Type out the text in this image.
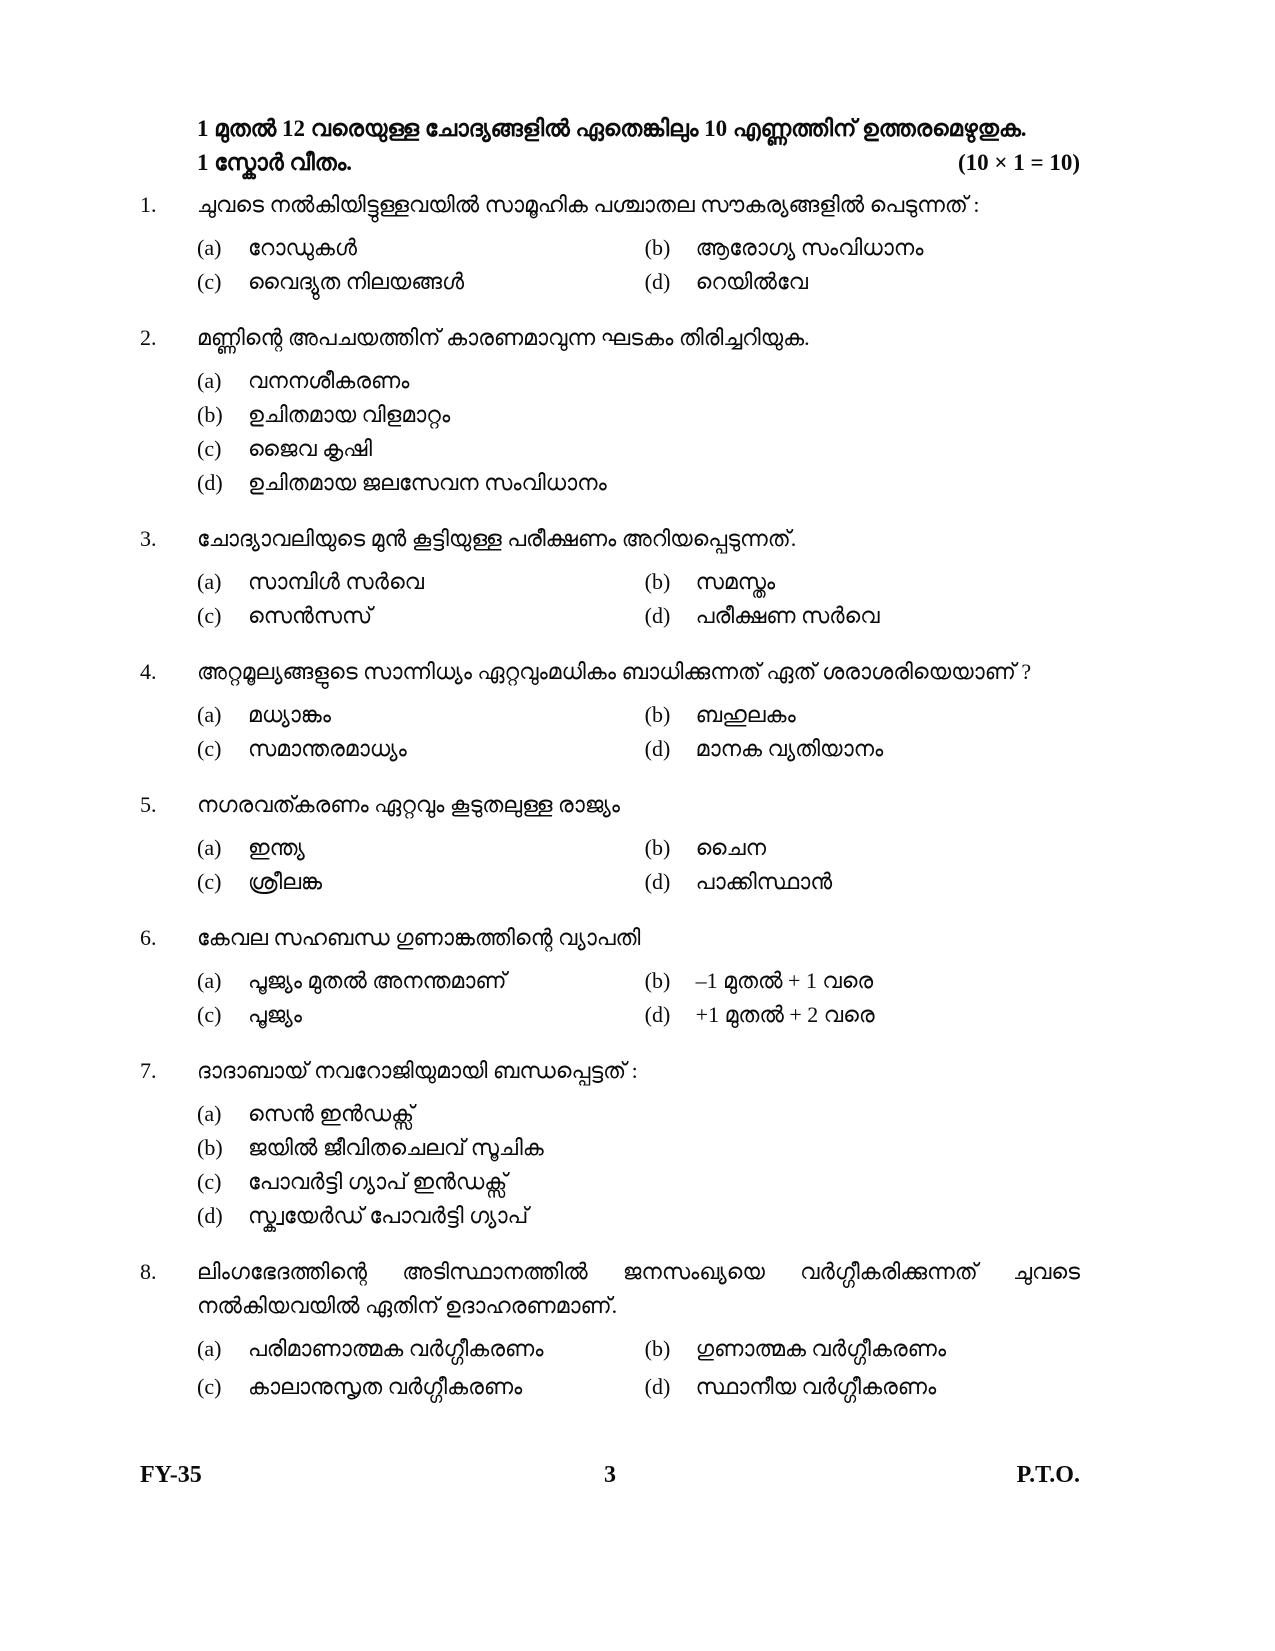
1 മുതൽ 12 വരെയുള്ള ചോദ്യങ്ങളിൽ ഏതെങ്കിലും 10 എണ്ണത്തിന് ഉത്തരമെഴുതുക.
1 സ്കോർ വീതം.	(10 × 1 = 10)
1.	ചുവടെ നൽകിയിട്ടുള്ളവയിൽ സാമൂഹിക പശ്ചാതല സൗകര്യങ്ങളിൽ പെടുന്നത് :
(a)	റോഡുകൾ	(b)	ആരോഗ്യ സംവിധാനം
(c)	വൈദ്യുത നിലയങ്ങൾ	(d)	റെയിൽവേ
2.	മണ്ണിന്റെ അപചയത്തിന് കാരണമാവുന്ന ഘടകം തിരിച്ചറിയുക.
(a)	വനനശീകരണം
(b)	ഉചിതമായ വിളമാറ്റം
(c)	ജൈവ കൃഷി
(d)	ഉചിതമായ ജലസേവന സംവിധാനം
3.	ചോദ്യാവലിയുടെ മുൻ കൂട്ടിയുള്ള പരീക്ഷണം അറിയപ്പെടുന്നത്.
(a)	സാമ്പിൾ സർവെ	(b)	സമസ്തം
(c)	സെൻസസ്	(d)	പരീക്ഷണ സർവെ
4.	അറ്റമൂല്യങ്ങളുടെ സാന്നിധ്യം ഏറ്റവുംമധികം ബാധിക്കുന്നത് ഏത് ശരാശരിയെയാണ് ?
(a)	മധ്യാങ്കം	(b)	ബഹുലകം
(c)	സമാന്തരമാധ്യം	(d)	മാനക വ്യതിയാനം
5.	നഗരവത്കരണം ഏറ്റവും കൂടുതലുള്ള രാജ്യം
(a)	ഇന്ത്യ	(b)	ചൈന
(c)	ശ്രീലങ്ക	(d)	പാക്കിസ്ഥാൻ
6.	കേവല സഹബന്ധ ഗുണാങ്കത്തിന്റെ വ്യാപതി
(a)	പൂജ്യം മുതൽ അനന്തമാണ്	(b)	–1 മുതൽ + 1 വരെ
(c)	പൂജ്യം	(d)	+1 മുതൽ + 2 വരെ
7.	ദാദാബായ് നവറോജിയുമായി ബന്ധപ്പെട്ടത് :
(a)	സെൻ ഇൻഡക്സ്
(b)	ജയിൽ ജീവിതചെലവ് സൂചിക
(c)	പോവർട്ടി ഗ്യാപ് ഇൻഡക്സ്
(d)	സ്ക്വയേർഡ് പോവർട്ടി ഗ്യാപ്
8.	ലിംഗഭേദത്തിന്റെ അടിസ്ഥാനത്തിൽ ജനസംഖ്യയെ വർഗ്ഗീകരിക്കുന്നത് ചുവടെ നൽകിയവയിൽ ഏതിന് ഉദാഹരണമാണ്.
(a)	പരിമാണാത്മക വർഗ്ഗീകരണം	(b)	ഗുണാത്മക വർഗ്ഗീകരണം
(c)	കാലാനുസൃത വർഗ്ഗീകരണം	(d)	സ്ഥാനീയ വർഗ്ഗീകരണം
FY-35	3	P.T.O.
